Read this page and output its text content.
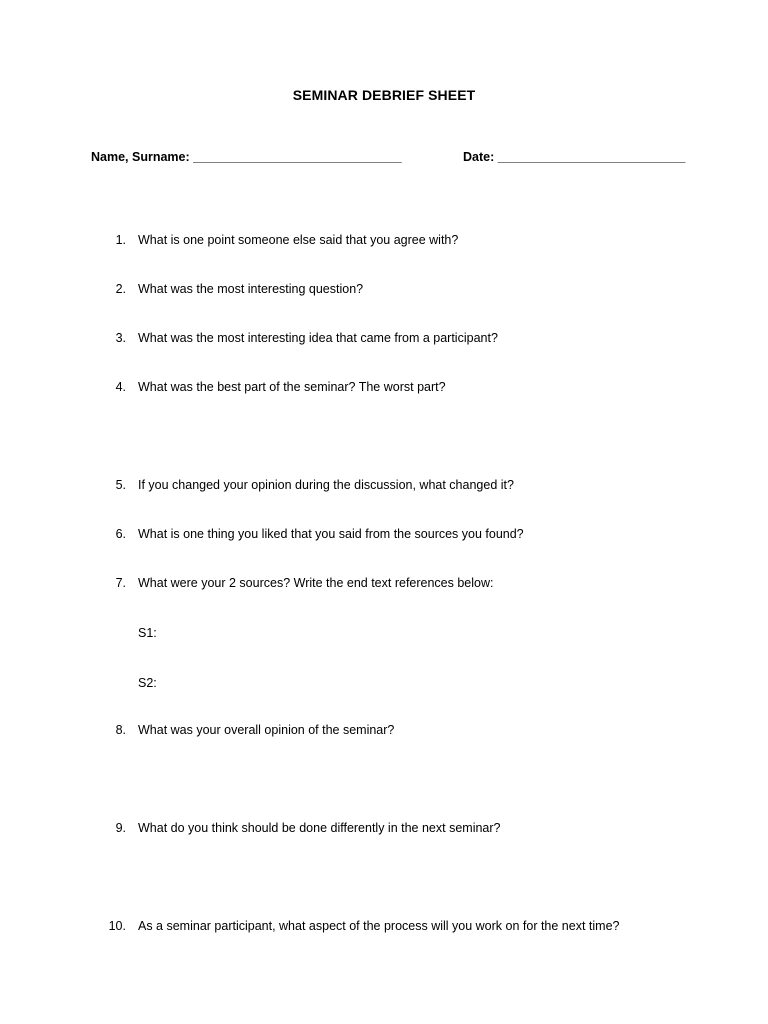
SEMINAR DEBRIEF SHEET
Name, Surname: ______________________________	Date: ___________________________
1. What is one point someone else said that you agree with?
2. What was the most interesting question?
3. What was the most interesting idea that came from a participant?
4. What was the best part of the seminar? The worst part?
5. If you changed your opinion during the discussion, what changed it?
6. What is one thing you liked that you said from the sources you found?
7. What were your 2 sources? Write the end text references below:
S1:
S2:
8. What was your overall opinion of the seminar?
9. What do you think should be done differently in the next seminar?
10. As a seminar participant, what aspect of the process will you work on for the next time?
